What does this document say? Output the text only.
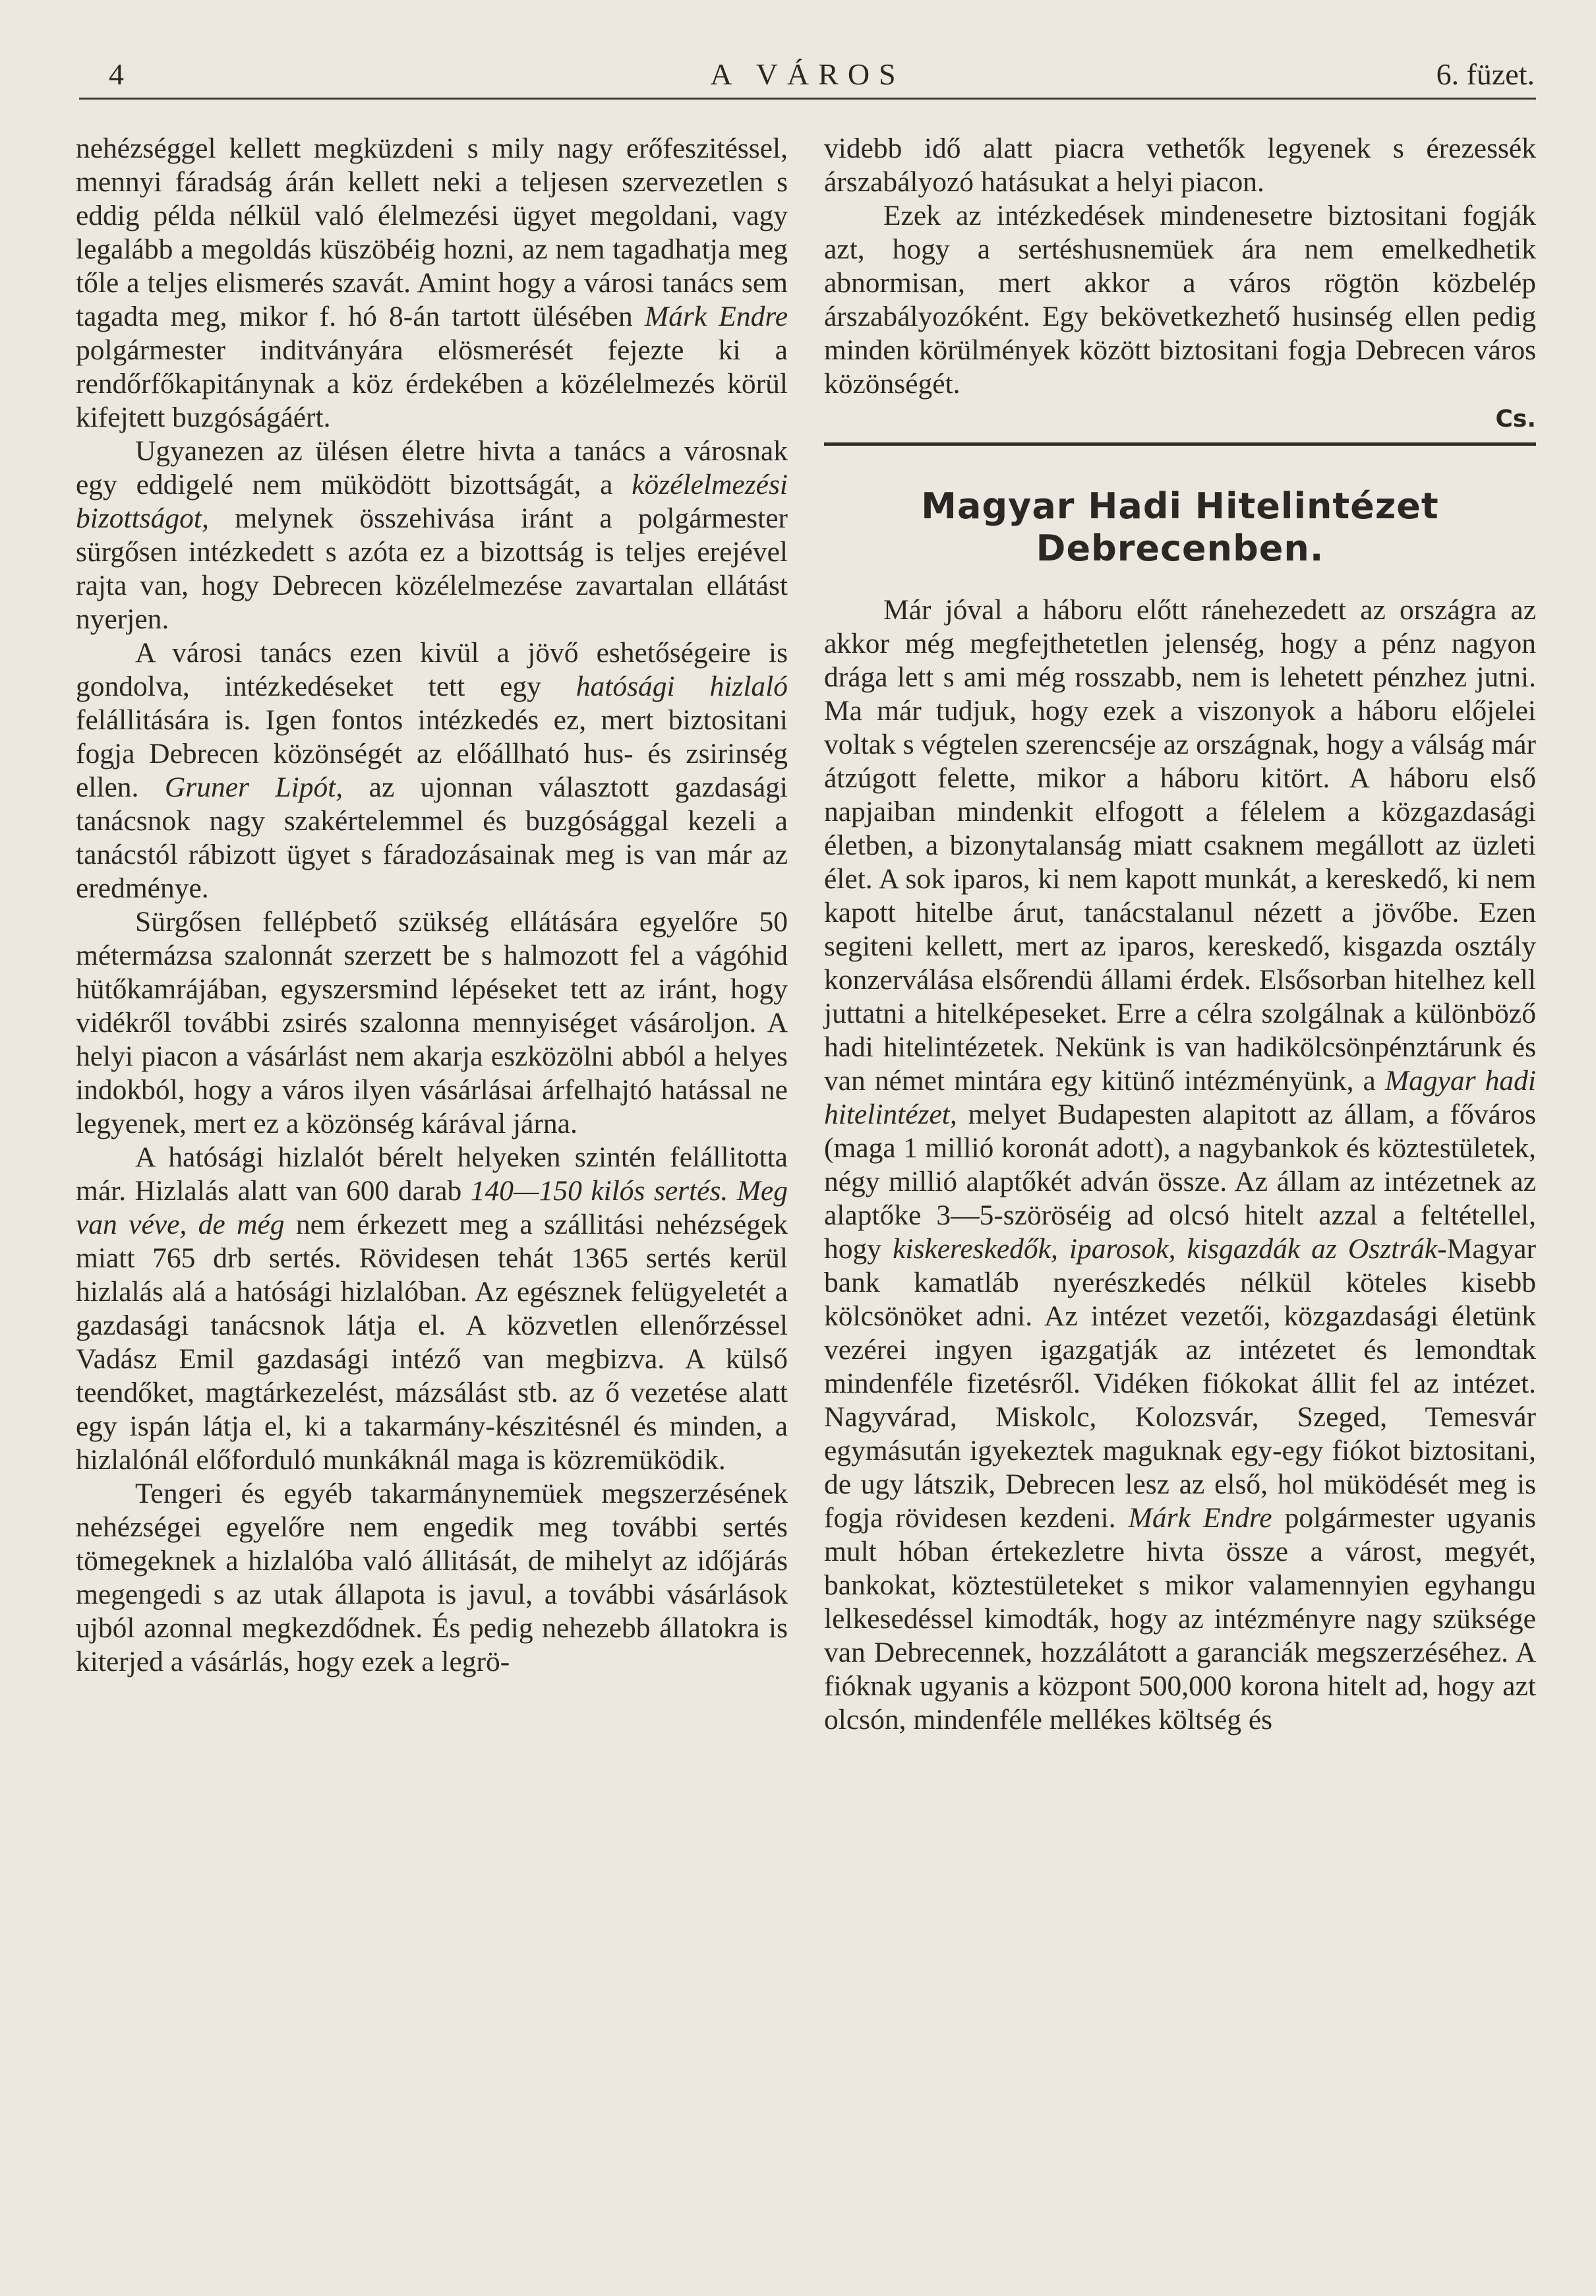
4	A VÁROS	6. füzet.

nehézséggel kellett megküzdeni s mily nagy erőfeszitéssel, mennyi fáradság árán kellett neki a teljesen szervezetlen s eddig példa nélkül való élelmezési ügyet megoldani, vagy legalább a megoldás küszöbéig hozni, az nem tagadhatja meg tőle a teljes elismerés szavát. Amint hogy a városi tanács sem tagadta meg, mikor f. hó 8-án tartott ülésében Márk Endre polgármester inditványára elösmerését fejezte ki a rendőrfőkapitánynak a köz érdekében a közélelmezés körül kifejtett buzgóságáért.

Ugyanezen az ülésen életre hivta a tanács a városnak egy eddigelé nem müködött bizottságát, a közélelmezési bizottságot, melynek összehivása iránt a polgármester sürgősen intézkedett s azóta ez a bizottság is teljes erejével rajta van, hogy Debrecen közélelmezése zavartalan ellátást nyerjen.

A városi tanács ezen kivül a jövő eshetőségeire is gondolva, intézkedéseket tett egy hatósági hizlaló felállitására is. Igen fontos intézkedés ez, mert biztositani fogja Debrecen közönségét az előállható hus- és zsirinség ellen. Gruner Lipót, az ujonnan választott gazdasági tanácsnok nagy szakértelemmel és buzgósággal kezeli a tanácstól rábizott ügyet s fáradozásainak meg is van már az eredménye.

Sürgősen fellépbető szükség ellátására egyelőre 50 métermázsa szalonnát szerzett be s halmozott fel a vágóhid hütőkamrájában, egyszersmind lépéseket tett az iránt, hogy vidékről további zsirés szalonna mennyiséget vásároljon. A helyi piacon a vásárlást nem akarja eszközölni abból a helyes indokból, hogy a város ilyen vásárlásai árfelhajtó hatással ne legyenek, mert ez a közönség kárával járna.

A hatósági hizlalót bérelt helyeken szintén felállitotta már. Hizlalás alatt van 600 darab 140—150 kilós sertés. Meg van véve, de még nem érkezett meg a szállitási nehézségek miatt 765 drb sertés. Rövidesen tehát 1365 sertés kerül hizlalás alá a hatósági hizlalóban. Az egésznek felügyeletét a gazdasági tanácsnok látja el. A közvetlen ellenőrzéssel Vadász Emil gazdasági intéző van megbizva. A külső teendőket, magtárkezelést, mázsálást stb. az ő vezetése alatt egy ispán látja el, ki a takarmány-készitésnél és minden, a hizlalónál előforduló munkáknál maga is közremüködik.

Tengeri és egyéb takarmánynemüek megszerzésének nehézségei egyelőre nem engedik meg további sertés tömegeknek a hizlalóba való állitását, de mihelyt az időjárás megengedi s az utak állapota is javul, a további vásárlások ujból azonnal megkezdődnek. És pedig nehezebb állatokra is kiterjed a vásárlás, hogy ezek a legrö-

videbb idő alatt piacra vethetők legyenek s érezessék árszabályozó hatásukat a helyi piacon.

Ezek az intézkedések mindenesetre biztositani fogják azt, hogy a sertéshusnemüek ára nem emelkedhetik abnormisan, mert akkor a város rögtön közbelép árszabályozóként. Egy bekövetkezhető husinség ellen pedig minden körülmények között biztositani fogja Debrecen város közönségét.

Cs.
Magyar Hadi Hitelintézet
Debrecenben.

Már jóval a háboru előtt ránehezedett az országra az akkor még megfejthetetlen jelenség, hogy a pénz nagyon drága lett s ami még rosszabb, nem is lehetett pénzhez jutni. Ma már tudjuk, hogy ezek a viszonyok a háboru előjelei voltak s végtelen szerencséje az országnak, hogy a válság már átzúgott felette, mikor a háboru kitört. A háboru első napjaiban mindenkit elfogott a félelem a közgazdasági életben, a bizonytalanság miatt csaknem megállott az üzleti élet. A sok iparos, ki nem kapott munkát, a kereskedő, ki nem kapott hitelbe árut, tanácstalanul nézett a jövőbe. Ezen segiteni kellett, mert az iparos, kereskedő, kisgazda osztály konzerválása elsőrendü állami érdek. Elsősorban hitelhez kell juttatni a hitelképeseket. Erre a célra szolgálnak a különböző hadi hitelintézetek. Nekünk is van hadikölcsönpénztárunk és van német mintára egy kitünő intézményünk, a Magyar hadi hitelintézet, melyet Budapesten alapitott az állam, a főváros (maga 1 millió koronát adott), a nagybankok és köztestületek, négy millió alaptőkét adván össze. Az állam az intézetnek az alaptőke 3—5-szöröséig ad olcsó hitelt azzal a feltétellel, hogy kiskereskedők, iparosok, kisgazdák az Osztrák-Magyar bank kamatláb nyerészkedés nélkül köteles kisebb kölcsönöket adni. Az intézet vezetői, közgazdasági életünk vezérei ingyen igazgatják az intézetet és lemondtak mindenféle fizetésről. Vidéken fiókokat állit fel az intézet. Nagyvárad, Miskolc, Kolozsvár, Szeged, Temesvár egymásután igyekeztek maguknak egy-egy fiókot biztositani, de ugy látszik, Debrecen lesz az első, hol müködését meg is fogja rövidesen kezdeni. Márk Endre polgármester ugyanis mult hóban értekezletre hivta össze a várost, megyét, bankokat, köztestületeket s mikor valamennyien egyhangu lelkesedéssel kimodták, hogy az intézményre nagy szüksége van Debrecennek, hozzálátott a garanciák megszerzéséhez. A fióknak ugyanis a központ 500,000 korona hitelt ad, hogy azt olcsón, mindenféle mellékes költség és
